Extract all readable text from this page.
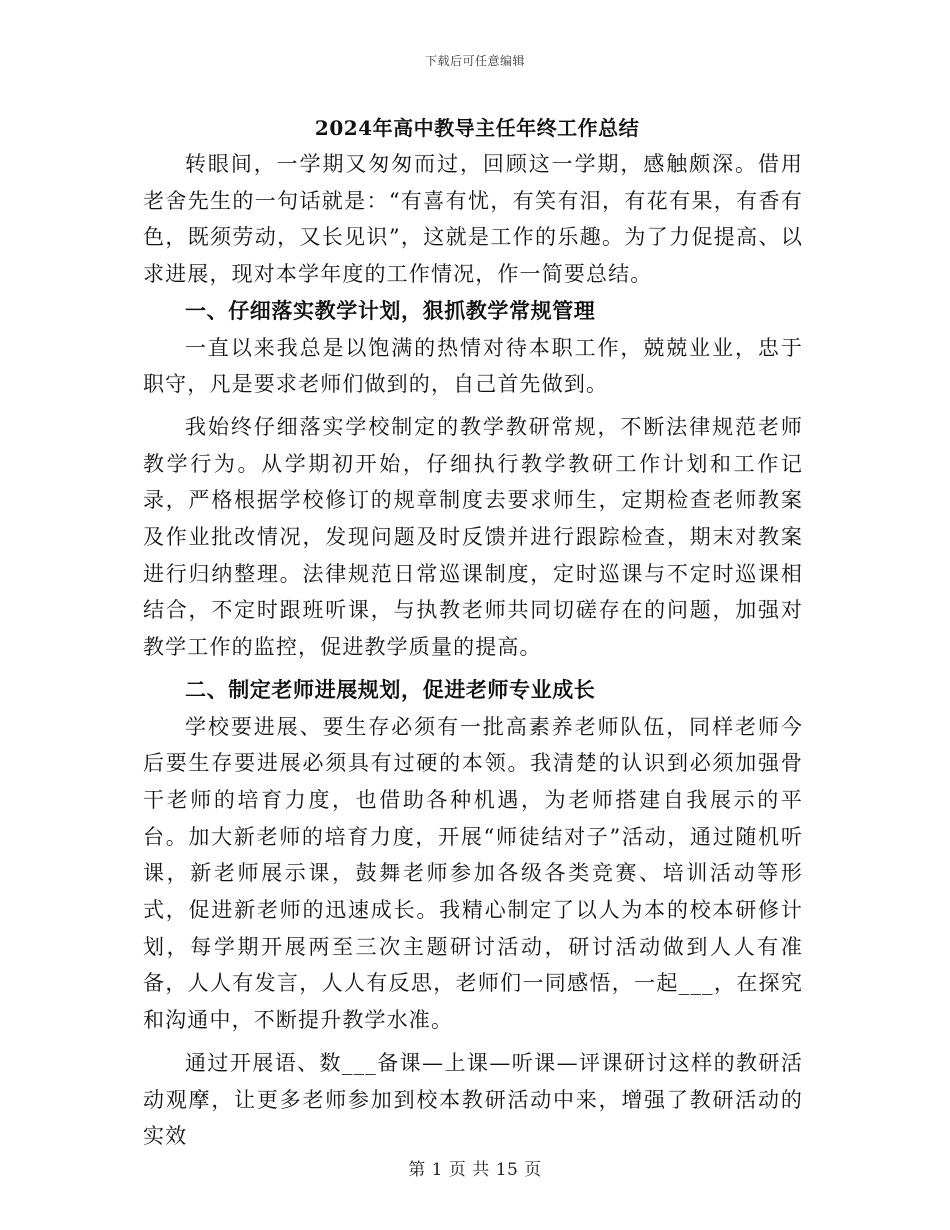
下载后可任意编辑
2024年高中教导主任年终工作总结

转眼间，一学期又匆匆而过，回顾这一学期，感触颇深。借用老舍先生的一句话就是：“有喜有忧，有笑有泪，有花有果，有香有色，既须劳动，又长见识”，这就是工作的乐趣。为了力促提高、以求进展，现对本学年度的工作情况，作一简要总结。

一、仔细落实教学计划，狠抓教学常规管理

一直以来我总是以饱满的热情对待本职工作，兢兢业业，忠于职守，凡是要求老师们做到的，自己首先做到。

我始终仔细落实学校制定的教学教研常规，不断法律规范老师教学行为。从学期初开始，仔细执行教学教研工作计划和工作记录，严格根据学校修订的规章制度去要求师生，定期检查老师教案及作业批改情况，发现问题及时反馈并进行跟踪检查，期末对教案进行归纳整理。法律规范日常巡课制度，定时巡课与不定时巡课相结合，不定时跟班听课，与执教老师共同切磋存在的问题，加强对教学工作的监控，促进教学质量的提高。

二、制定老师进展规划，促进老师专业成长

学校要进展、要生存必须有一批高素养老师队伍，同样老师今后要生存要进展必须具有过硬的本领。我清楚的认识到必须加强骨干老师的培育力度，也借助各种机遇，为老师搭建自我展示的平台。加大新老师的培育力度，开展“师徒结对子”活动，通过随机听课，新老师展示课，鼓舞老师参加各级各类竞赛、培训活动等形式，促进新老师的迅速成长。我精心制定了以人为本的校本研修计划，每学期开展两至三次主题研讨活动，研讨活动做到人人有准备，人人有发言，人人有反思，老师们一同感悟，一起___，在探究和沟通中，不断提升教学水准。

通过开展语、数___备课—上课—听课—评课研讨这样的教研活动观摩，让更多老师参加到校本教研活动中来，增强了教研活动的实效

第 1 页 共 15 页
